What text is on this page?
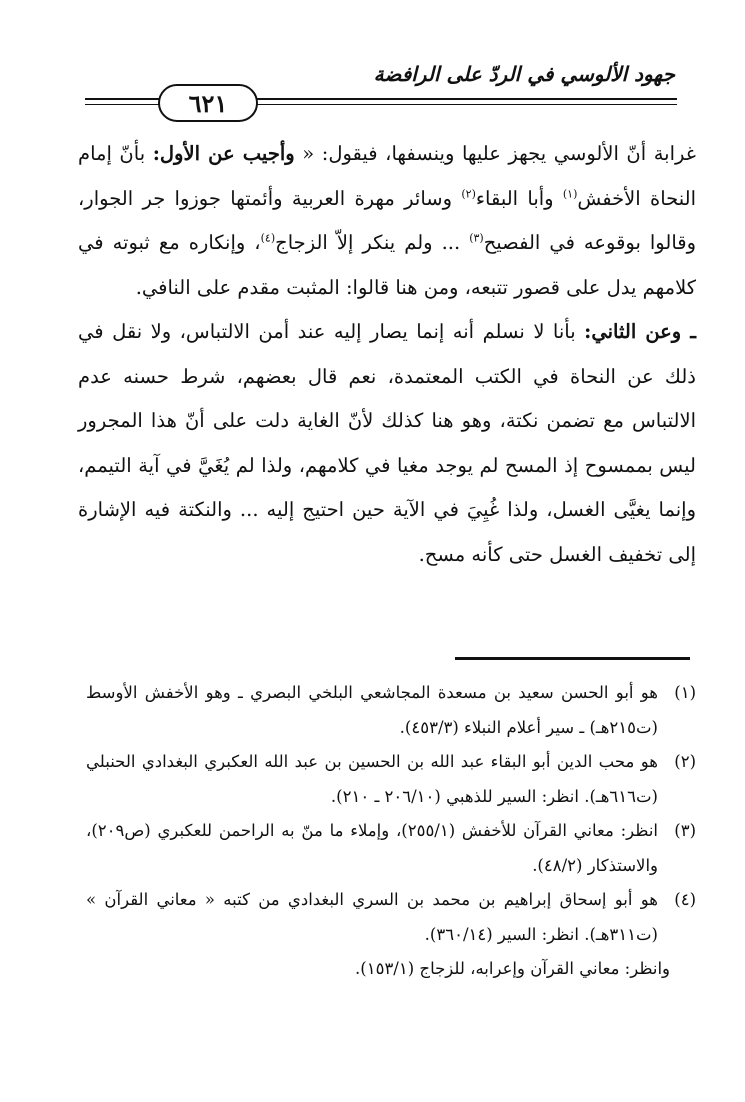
جهود الألوسي في الردّ على الرافضة
٦٢١

غرابة أنّ الألوسي يجهز عليها وينسفها، فيقول: « وأجيب عن الأول: بأنّ إمام النحاة الأخفش$^{(١)}$ وأبا البقاء$^{(٢)}$ وسائر مهرة العربية وأئمتها جوزوا جر الجوار، وقالوا بوقوعه في الفصيح$^{(٣)}$ ... ولم ينكر إلاّ الزجاج$^{(٤)}$، وإنكاره مع ثبوته في كلامهم يدل على قصور تتبعه، ومن هنا قالوا: المثبت مقدم على النافي.

ـ وعن الثاني: بأنا لا نسلم أنه إنما يصار إليه عند أمن الالتباس، ولا نقل في ذلك عن النحاة في الكتب المعتمدة، نعم قال بعضهم، شرط حسنه عدم الالتباس مع تضمن نكتة، وهو هنا كذلك لأنّ الغاية دلت على أنّ هذا المجرور ليس بممسوح إذ المسح لم يوجد مغيا في كلامهم، ولذا لم يُغَيَّ في آية التيمم، وإنما يغيَّى الغسل، ولذا غُيِيَ في الآية حين احتيج إليه ... والنكتة فيه الإشارة إلى تخفيف الغسل حتى كأنه مسح.

(١)
هو أبو الحسن سعيد بن مسعدة المجاشعي البلخي البصري ـ وهو الأخفش الأوسط (ت٢١٥هـ) ـ سير أعلام النبلاء (٤٥٣/٣).

(٢)
هو محب الدين أبو البقاء عبد الله بن الحسين بن عبد الله العكبري البغدادي الحنبلي (ت٦١٦هـ). انظر: السير للذهبي (٢٠٦/١٠ ـ ٢١٠).

(٣)
انظر: معاني القرآن للأخفش (٢٥٥/١)، وإملاء ما منّ به الراحمن للعكبري (ص٢٠٩)، والاستذكار (٤٨/٢).

(٤)
هو أبو إسحاق إبراهيم بن محمد بن السري البغدادي من كتبه « معاني القرآن » (ت٣١١هـ). انظر: السير (٣٦٠/١٤).

وانظر: معاني القرآن وإعرابه، للزجاج (١٥٣/١).
